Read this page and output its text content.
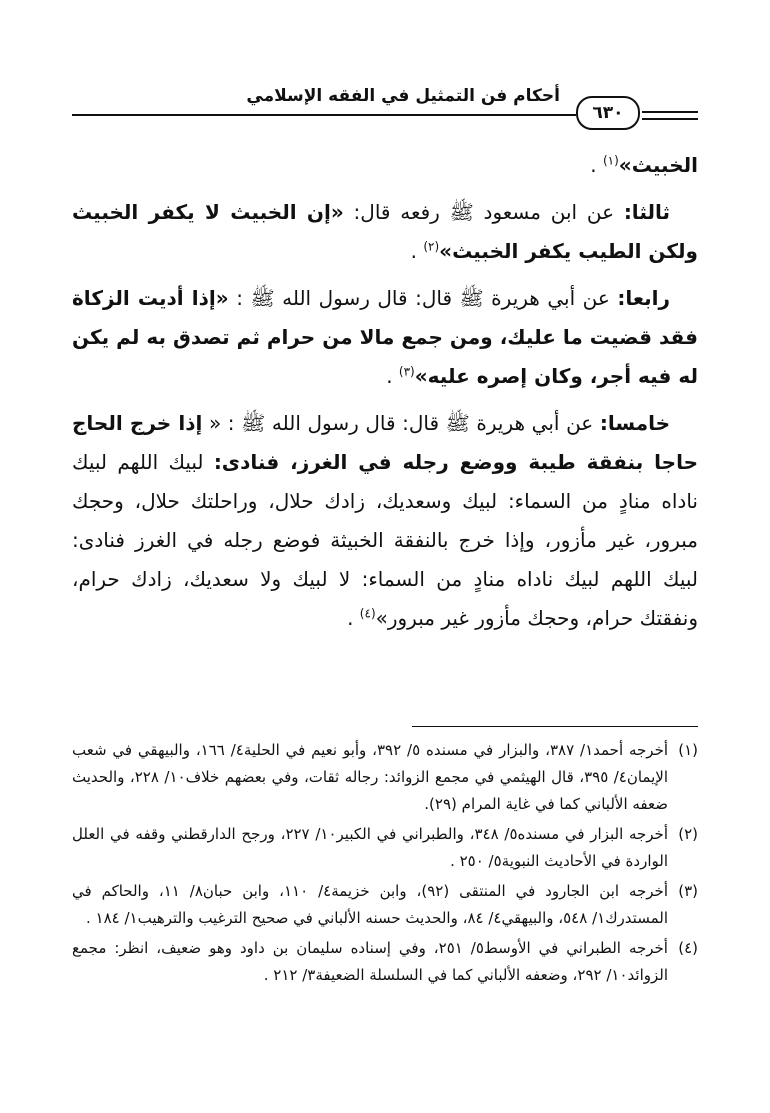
أحكام فن التمثيل في الفقه الإسلامي
٦٣٠

الخبيث»$^{(١)}$ .

ثالثا: عن ابن مسعود ﷺ رفعه قال: «إن الخبيث لا يكفر الخبيث ولكن الطيب يكفر الخبيث»$^{(٢)}$ .

رابعا: عن أبي هريرة ﷺ قال: قال رسول الله ﷺ : «إذا أديت الزكاة فقد قضيت ما عليك، ومن جمع مالا من حرام ثم تصدق به لم يكن له فيه أجر، وكان إصره عليه»$^{(٣)}$ .

خامسا: عن أبي هريرة ﷺ قال: قال رسول الله ﷺ : « إذا خرج الحاج حاجا بنفقة طيبة ووضع رجله في الغرز، فنادى: لبيك اللهم لبيك ناداه منادٍ من السماء: لبيك وسعديك، زادك حلال، وراحلتك حلال، وحجك مبرور، غير مأزور، وإذا خرج بالنفقة الخبيثة فوضع رجله في الغرز فنادى: لبيك اللهم لبيك ناداه منادٍ من السماء: لا لبيك ولا سعديك، زادك حرام، ونفقتك حرام، وحجك مأزور غير مبرور»$^{(٤)}$ .

(١)
أخرجه أحمد١/ ٣٨٧، والبزار في مسنده ٥/ ٣٩٢، وأبو نعيم في الحلية٤/ ١٦٦، والبيهقي في شعب الإيمان٤/ ٣٩٥، قال الهيثمي في مجمع الزوائد: رجاله ثقات، وفي بعضهم خلاف١٠/ ٢٢٨، والحديث ضعفه الألباني كما في غاية المرام (٢٩).
(٢)
أخرجه البزار في مسنده٥/ ٣٤٨، والطبراني في الكبير١٠/ ٢٢٧، ورجح الدارقطني وقفه في العلل الواردة في الأحاديث النبوية٥/ ٢٥٠ .
(٣)
أخرجه ابن الجارود في المنتقى (٩٢)، وابن خزيمة٤/ ١١٠، وابن حبان٨/ ١١، والحاكم في المستدرك١/ ٥٤٨، والبيهقي٤/ ٨٤، والحديث حسنه الألباني في صحيح الترغيب والترهيب١/ ١٨٤ .
(٤)
أخرجه الطبراني في الأوسط٥/ ٢٥١، وفي إسناده سليمان بن داود وهو ضعيف، انظر: مجمع الزوائد١٠/ ٢٩٢، وضعفه الألباني كما في السلسلة الضعيفة٣/ ٢١٢ .
